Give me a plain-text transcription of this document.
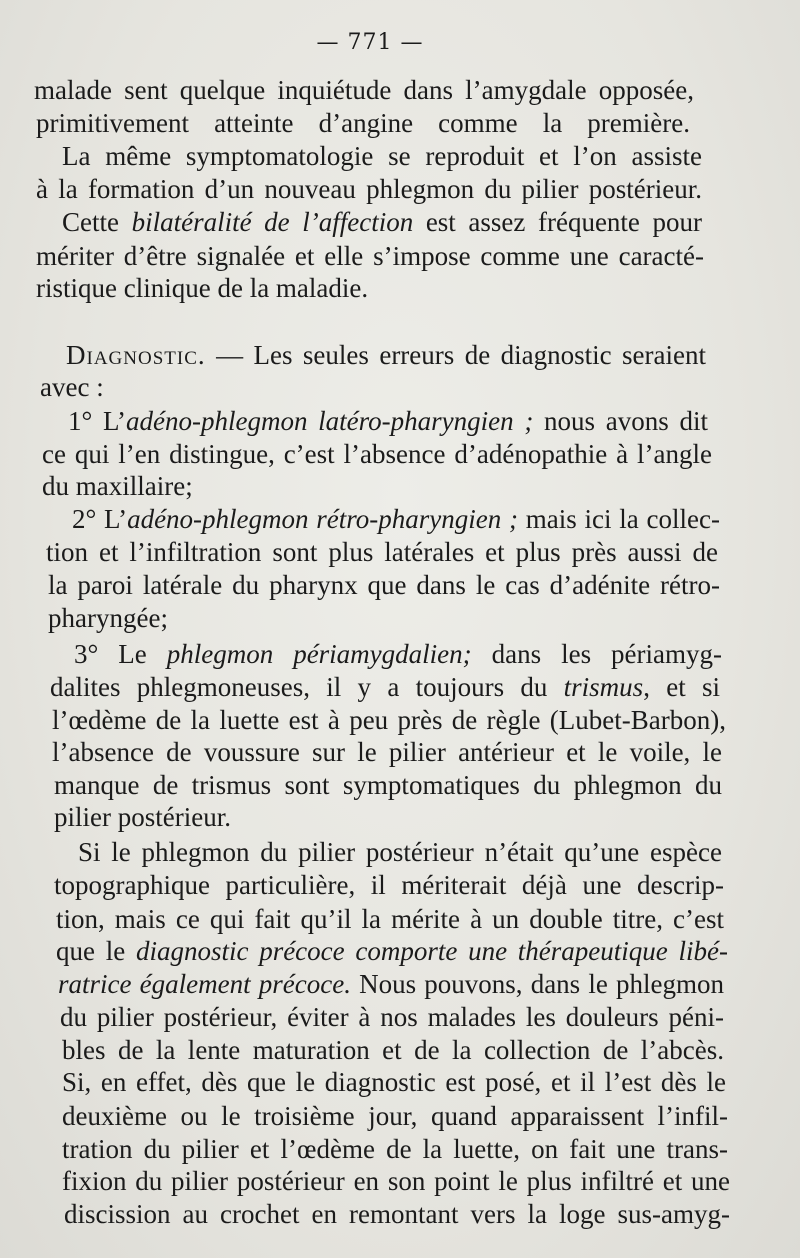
— 771 —
malade sent quelque inquiétude dans l’amygdale opposée,
primitivement atteinte d’angine comme la première.
La même symptomatologie se reproduit et l’on assiste
à la formation d’un nouveau phlegmon du pilier postérieur.
Cette bilatéralité de l’affection est assez fréquente pour
mériter d’être signalée et elle s’impose comme une caracté-
ristique clinique de la maladie.
Diagnostic. — Les seules erreurs de diagnostic seraient
avec :
1° L’adéno-phlegmon latéro-pharyngien ; nous avons dit
ce qui l’en distingue, c’est l’absence d’adénopathie à l’angle
du maxillaire;
2° L’adéno-phlegmon rétro-pharyngien ; mais ici la collec-
tion et l’infiltration sont plus latérales et plus près aussi de
la paroi latérale du pharynx que dans le cas d’adénite rétro-
pharyngée;
3° Le phlegmon périamygdalien; dans les périamyg-
dalites phlegmoneuses, il y a toujours du trismus, et si
l’œdème de la luette est à peu près de règle (Lubet-Barbon),
l’absence de voussure sur le pilier antérieur et le voile, le
manque de trismus sont symptomatiques du phlegmon du
pilier postérieur.
Si le phlegmon du pilier postérieur n’était qu’une espèce
topographique particulière, il mériterait déjà une descrip-
tion, mais ce qui fait qu’il la mérite à un double titre, c’est
que le diagnostic précoce comporte une thérapeutique libé-
ratrice également précoce. Nous pouvons, dans le phlegmon
du pilier postérieur, éviter à nos malades les douleurs péni-
bles de la lente maturation et de la collection de l’abcès.
Si, en effet, dès que le diagnostic est posé, et il l’est dès le
deuxième ou le troisième jour, quand apparaissent l’infil-
tration du pilier et l’œdème de la luette, on fait une trans-
fixion du pilier postérieur en son point le plus infiltré et une
discission au crochet en remontant vers la loge sus-amyg-
